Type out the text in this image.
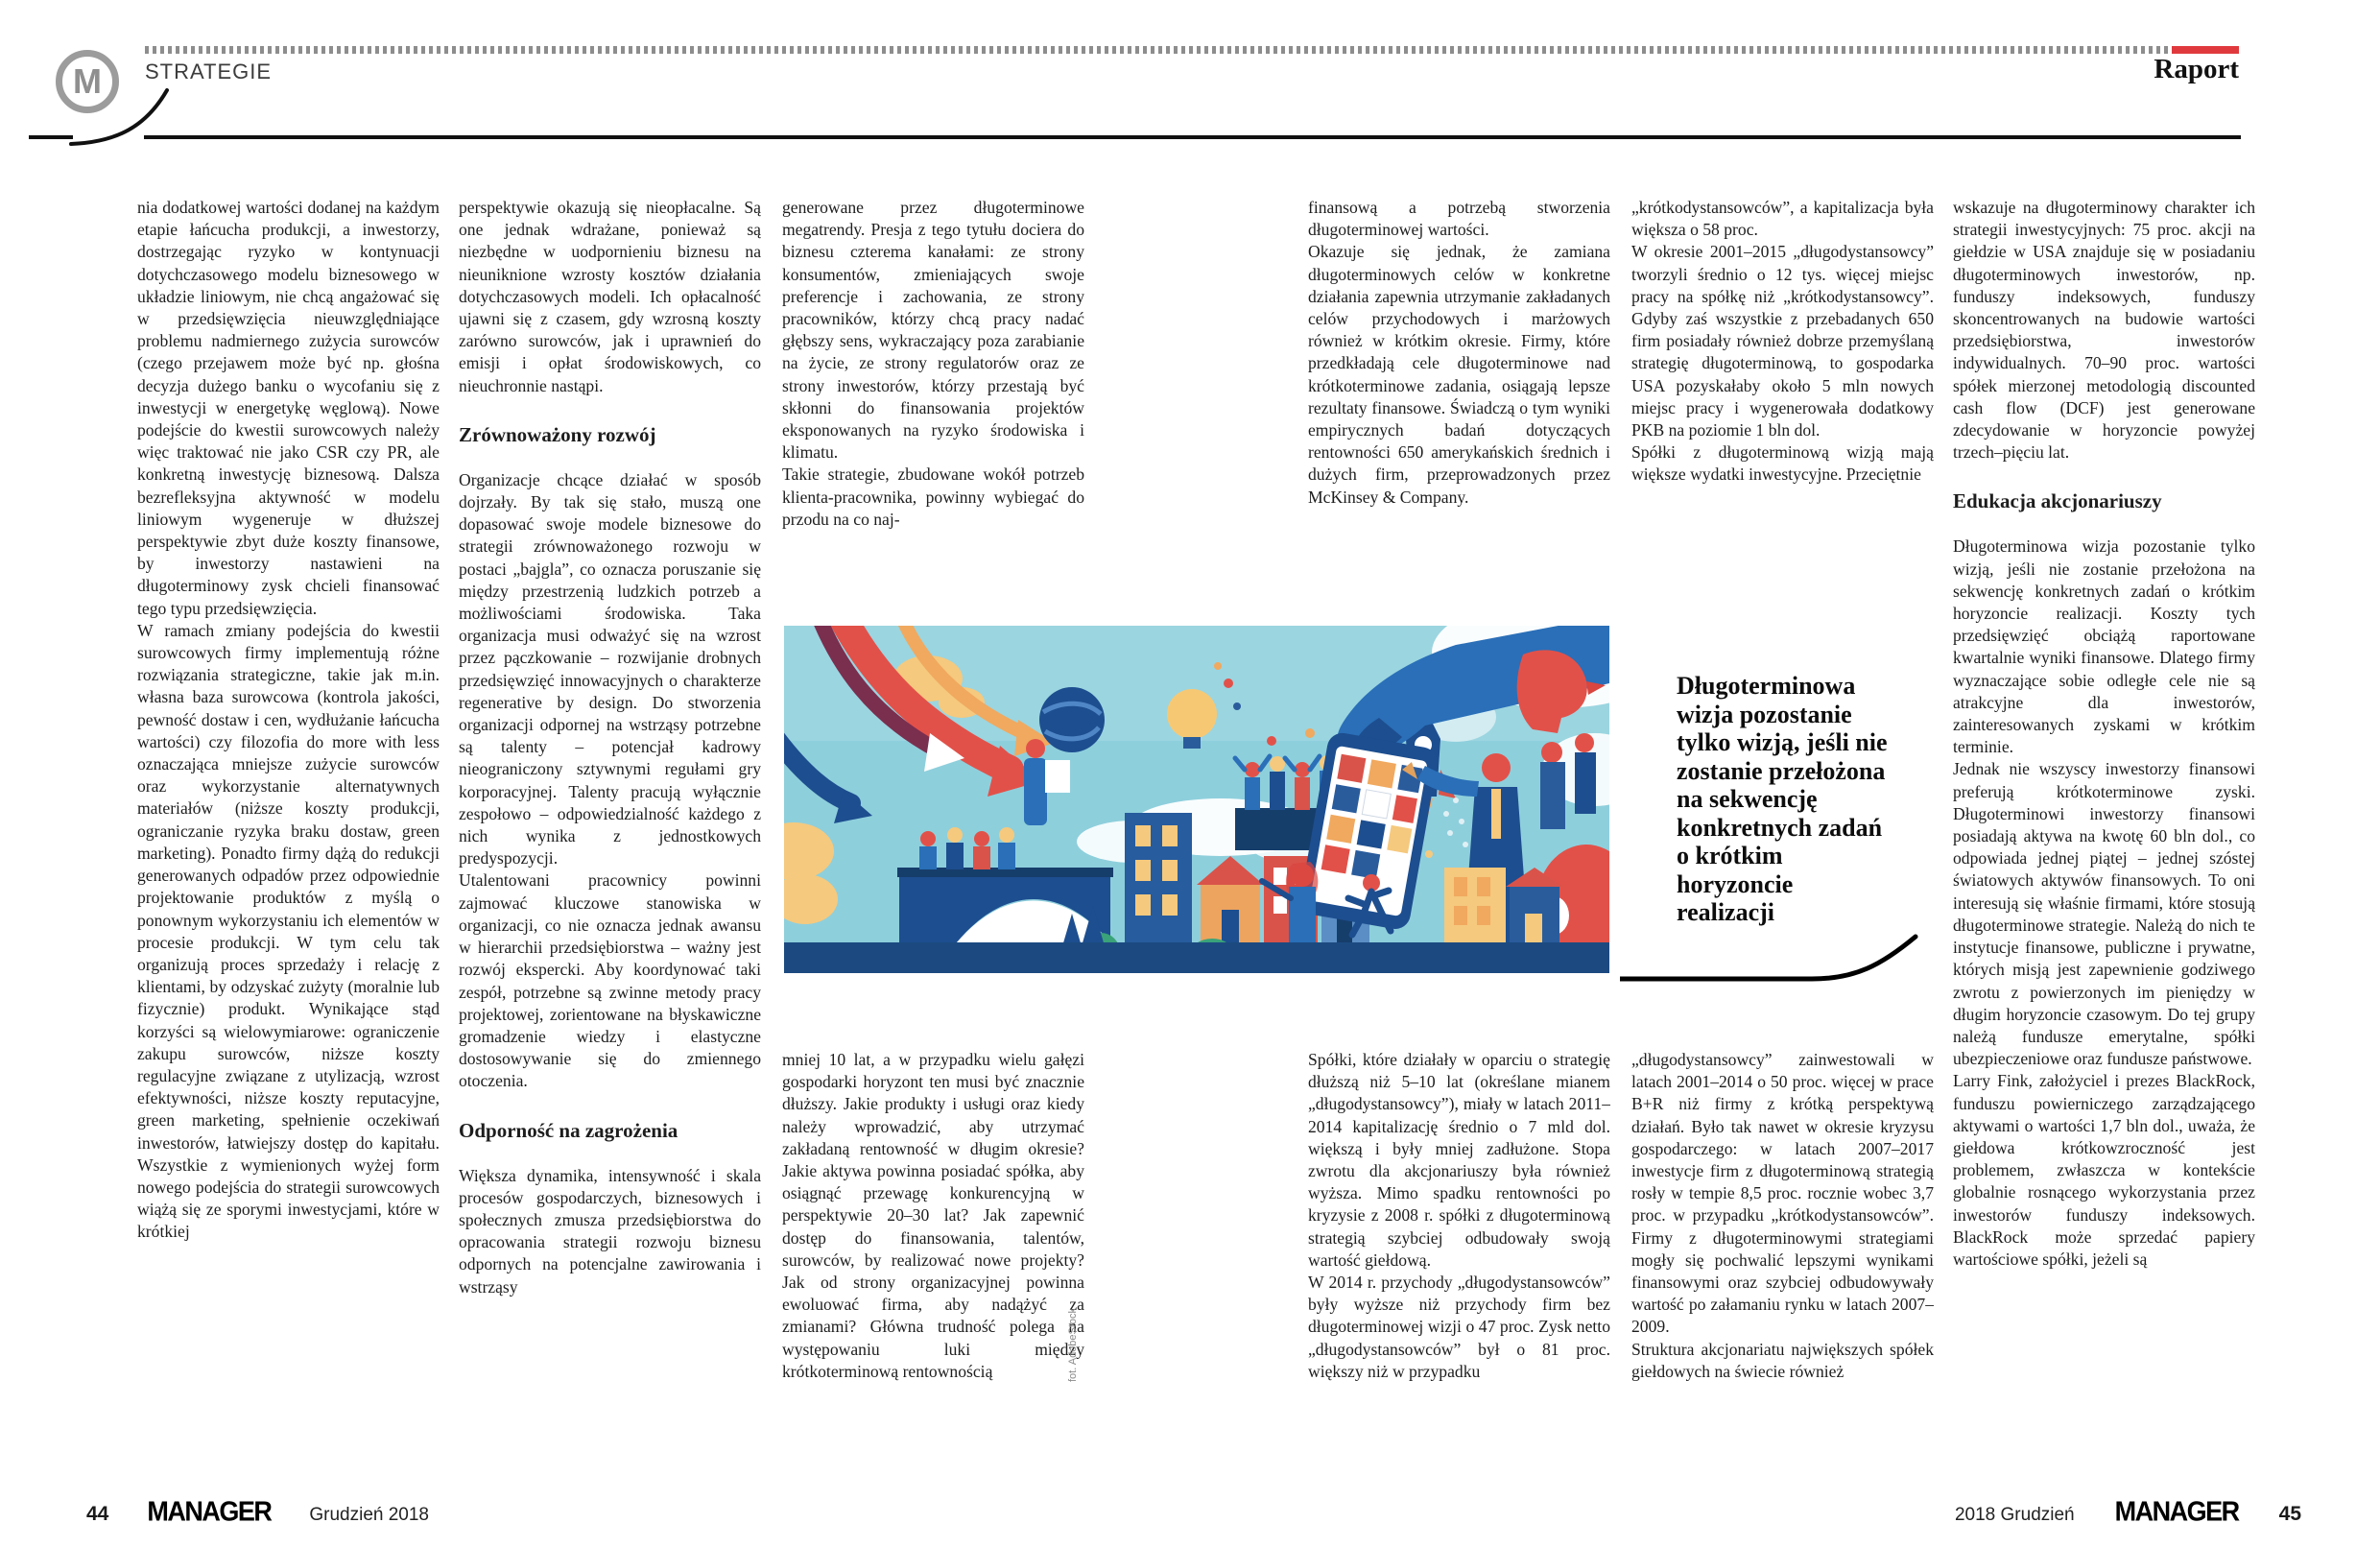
M STRATEGIE	Raport
nia dodatkowej wartości dodanej na każdym etapie łańcucha produkcji, a inwestorzy, dostrzegając ryzyko w kontynuacji dotychczasowego modelu biznesowego w układzie liniowym, nie chcą angażować się w przedsięwzięcia nieuwzględniające problemu nadmiernego zużycia surowców (czego przejawem może być np. głośna decyzja dużego banku o wycofaniu się z inwestycji w energetykę węglową). Nowe podejście do kwestii surowcowych należy więc traktować nie jako CSR czy PR, ale konkretną inwestycję biznesową. Dalsza bezrefleksyjna aktywność w modelu liniowym wygeneruje w dłuższej perspektywie zbyt duże koszty finansowe, by inwestorzy nastawieni na długoterminowy zysk chcieli finansować tego typu przedsięwzięcia.
W ramach zmiany podejścia do kwestii surowcowych firmy implementują różne rozwiązania strategiczne, takie jak m.in. własna baza surowcowa (kontrola jakości, pewność dostaw i cen, wydłużanie łańcucha wartości) czy filozofia do more with less oznaczająca mniejsze zużycie surowców oraz wykorzystanie alternatywnych materiałów (niższe koszty produkcji, ograniczanie ryzyka braku dostaw, green marketing). Ponadto firmy dążą do redukcji generowanych odpadów przez odpowiednie projektowanie produktów z myślą o ponownym wykorzystaniu ich elementów w procesie produkcji. W tym celu tak organizują proces sprzedaży i relację z klientami, by odzyskać zużyty (moralnie lub fizycznie) produkt. Wynikające stąd korzyści są wielowymiarowe: ograniczenie zakupu surowców, niższe koszty regulacyjne związane z utylizacją, wzrost efektywności, niższe koszty reputacyjne, green marketing, spełnienie oczekiwań inwestorów, łatwiejszy dostęp do kapitału. Wszystkie z wymienionych wyżej form nowego podejścia do strategii surowcowych wiążą się ze sporymi inwestycjami, które w krótkiej
perspektywie okazują się nieopłacalne. Są one jednak wdrażane, ponieważ są niezbędne w uodpornieniu biznesu na nieuniknione wzrosty kosztów działania dotychczasowych modeli. Ich opłacalność ujawni się z czasem, gdy wzrosną koszty zarówno surowców, jak i uprawnień do emisji i opłat środowiskowych, co nieuchronnie nastąpi.
Zrównoważony rozwój
Organizacje chcące działać w sposób dojrzały. By tak się stało, muszą one dopasować swoje modele biznesowe do strategii zrównoważonego rozwoju w postaci „bajgla”, co oznacza poruszanie się między przestrzenią ludzkich potrzeb a możliwościami środowiska. Taka organizacja musi odważyć się na wzrost przez pączkowanie – rozwijanie drobnych przedsięwzięć innowacyjnych o charakterze regenerative by design. Do stworzenia organizacji odpornej na wstrząsy potrzebne są talenty – potencjał kadrowy nieograniczony sztywnymi regułami gry korporacyjnej. Talenty pracują wyłącznie zespołowo – odpowiedzialność każdego z nich wynika z jednostkowych predyspozycji.
Utalentowani pracownicy powinni zajmować kluczowe stanowiska w organizacji, co nie oznacza jednak awansu w hierarchii przedsiębiorstwa – ważny jest rozwój ekspercki. Aby koordynować taki zespół, potrzebne są zwinne metody pracy projektowej, zorientowane na błyskawiczne gromadzenie wiedzy i elastyczne dostosowywanie się do zmiennego otoczenia.
Odporność na zagrożenia
Większa dynamika, intensywność i skala procesów gospodarczych, biznesowych i społecznych zmusza przedsiębiorstwa do opracowania strategii rozwoju biznesu odpornych na potencjalne zawirowania i wstrząsy
generowane przez długoterminowe megatrendy. Presja z tego tytułu dociera do biznesu czterema kanałami: ze strony konsumentów, zmieniających swoje preferencje i zachowania, ze strony pracowników, którzy chcą pracy nadać głębszy sens, wykraczający poza zarabianie na życie, ze strony regulatorów oraz ze strony inwestorów, którzy przestają być skłonni do finansowania projektów eksponowanych na ryzyko środowiska i klimatu.
Takie strategie, zbudowane wokół potrzeb klienta-pracownika, powinny wybiegać do przodu na co naj-
mniej 10 lat, a w przypadku wielu gałęzi gospodarki horyzont ten musi być znacznie dłuższy. Jakie produkty i usługi oraz kiedy należy wprowadzić, aby utrzymać zakładaną rentowność w długim okresie? Jakie aktywa powinna posiadać spółka, aby osiągnąć przewagę konkurencyjną w perspektywie 20–30 lat? Jak zapewnić dostęp do finansowania, talentów, surowców, by realizować nowe projekty? Jak od strony organizacyjnej powinna ewoluować firma, aby nadążyć za zmianami? Główna trudność polega na występowaniu luki między krótkoterminową rentownością
finansową a potrzebą stworzenia długoterminowej wartości.
Okazuje się jednak, że zamiana długoterminowych celów w konkretne działania zapewnia utrzymanie zakładanych celów przychodowych i marżowych również w krótkim okresie. Firmy, które przedkładają cele długoterminowe nad krótkoterminowe zadania, osiągają lepsze rezultaty finansowe. Świadczą o tym wyniki empirycznych badań dotyczących rentowności 650 amerykańskich średnich i dużych firm, przeprowadzonych przez McKinsey & Company.
Spółki, które działały w oparciu o strategię dłuższą niż 5–10 lat (określane mianem „długodystansowcy”), miały w latach 2011–2014 kapitalizację średnio o 7 mld dol. większą i były mniej zadłużone. Stopa zwrotu dla akcjonariuszy była również wyższa. Mimo spadku rentowności po kryzysie z 2008 r. spółki z długoterminową strategią szybciej odbudowały swoją wartość giełdową.
W 2014 r. przychody „długodystansowców” były wyższe niż przychody firm bez długoterminowej wizji o 47 proc. Zysk netto „długodystansowców” był o 81 proc. większy niż w przypadku
„krótkodystansowców”, a kapitalizacja była większa o 58 proc.
W okresie 2001–2015 „długodystansowcy” tworzyli średnio o 12 tys. więcej miejsc pracy na spółkę niż „krótkodystansowcy”. Gdyby zaś wszystkie z przebadanych 650 firm posiadały również dobrze przemyślaną strategię długoterminową, to gospodarka USA pozyskałaby około 5 mln nowych miejsc pracy i wygenerowała dodatkowy PKB na poziomie 1 bln dol.
Spółki z długoterminową wizją mają większe wydatki inwestycyjne. Przeciętnie
„długodystansowcy” zainwestowali w latach 2001–2014 o 50 proc. więcej w prace B+R niż firmy z krótką perspektywą działań. Było tak nawet w okresie kryzysu gospodarczego: w latach 2007–2017 inwestycje firm z długoterminową strategią rosły w tempie 8,5 proc. rocznie wobec 3,7 proc. w przypadku „krótkodystansowców”. Firmy z długoterminowymi strategiami mogły się pochwalić lepszymi wynikami finansowymi oraz szybciej odbudowywały wartość po załamaniu rynku w latach 2007–2009.
Struktura akcjonariatu największych spółek giełdowych na świecie również
wskazuje na długoterminowy charakter ich strategii inwestycyjnych: 75 proc. akcji na giełdzie w USA znajduje się w posiadaniu długoterminowych inwestorów, np. funduszy indeksowych, funduszy skoncentrowanych na budowie wartości przedsiębiorstwa, inwestorów indywidualnych. 70–90 proc. wartości spółek mierzonej metodologią discounted cash flow (DCF) jest generowane zdecydowanie w horyzoncie powyżej trzech–pięciu lat.
Edukacja akcjonariuszy
Długoterminowa wizja pozostanie tylko wizją, jeśli nie zostanie przełożona na sekwencję konkretnych zadań o krótkim horyzoncie realizacji. Koszty tych przedsięwzięć obciążą raportowane kwartalnie wyniki finansowe. Dlatego firmy wyznaczające sobie odległe cele nie są atrakcyjne dla inwestorów, zainteresowanych zyskami w krótkim terminie.
Jednak nie wszyscy inwestorzy finansowi preferują krótkoterminowe zyski. Długoterminowi inwestorzy finansowi posiadają aktywa na kwotę 60 bln dol., co odpowiada jednej piątej – jednej szóstej światowych aktywów finansowych. To oni interesują się właśnie firmami, które stosują długoterminowe strategie. Należą do nich te instytucje finansowe, publiczne i prywatne, których misją jest zapewnienie godziwego zwrotu z powierzonych im pieniędzy w długim horyzoncie czasowym. Do tej grupy należą fundusze emerytalne, spółki ubezpieczeniowe oraz fundusze państwowe.
Larry Fink, założyciel i prezes BlackRock, funduszu powierniczego zarządzającego aktywami o wartości 1,7 bln dol., uważa, że giełdowa krótkowzroczność jest problemem, zwłaszcza w kontekście globalnie rosnącego wykorzystania przez inwestorów funduszy indeksowych. BlackRock może sprzedać papiery wartościowe spółki, jeżeli są
Długoterminowa wizja pozostanie tylko wizją, jeśli nie zostanie przełożona na sekwencję konkretnych zadań o krótkim horyzoncie realizacji
fot. AdobeStock
44 MANAGER Grudzień 2018	2018 Grudzień MANAGER 45
